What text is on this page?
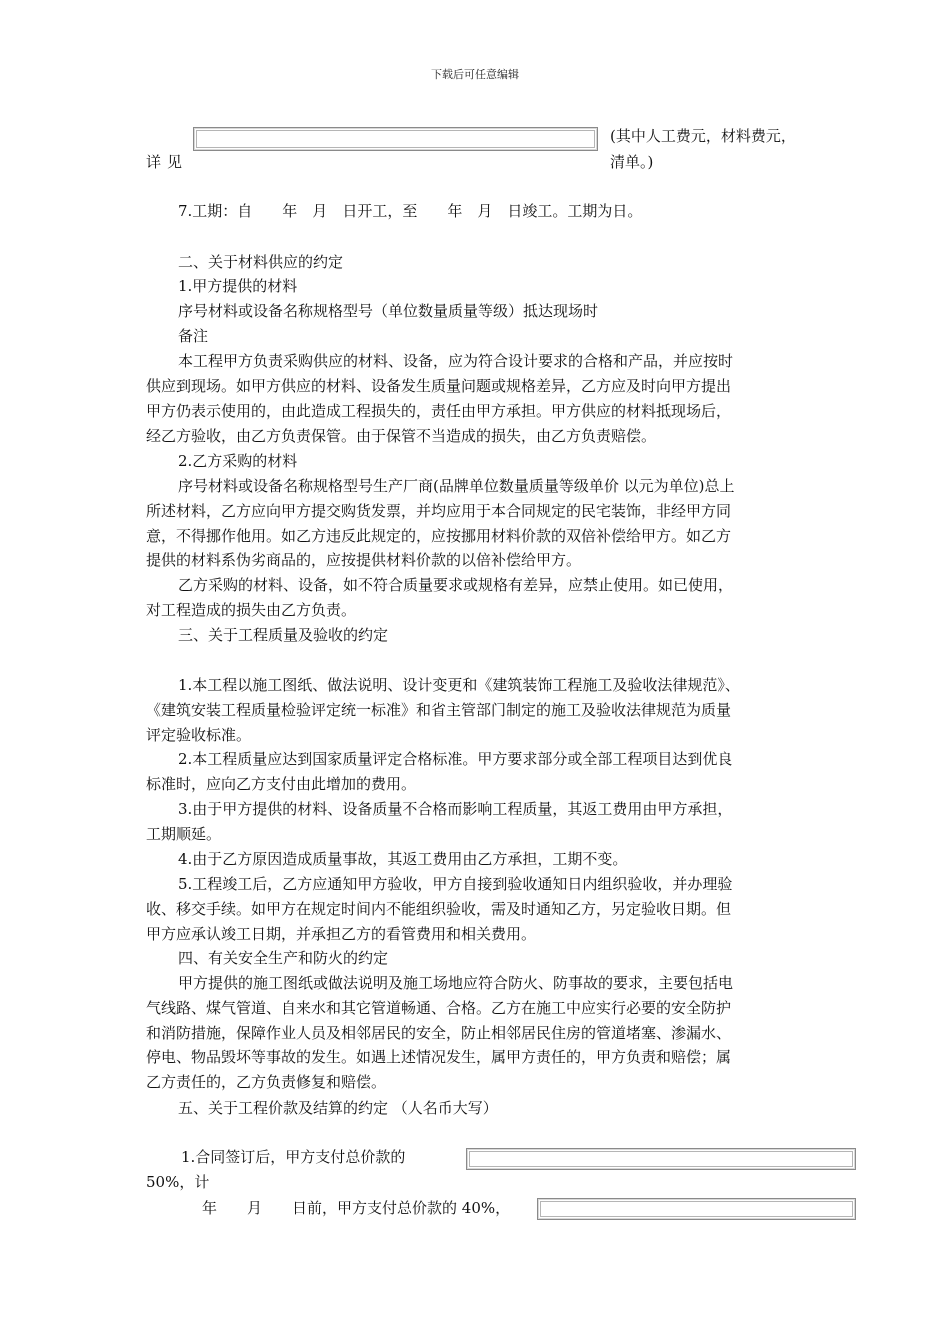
下载后可任意编辑
(其中人工费元，材料费元，
详见	清单。)
7.工期：自　　年　月　日开工，至　　年　月　日竣工。工期为日。
二、关于材料供应的约定
1.甲方提供的材料
序号材料或设备名称规格型号（单位数量质量等级）抵达现场时
备注
本工程甲方负责采购供应的材料、设备，应为符合设计要求的合格和产品，并应按时
供应到现场。如甲方供应的材料、设备发生质量问题或规格差异，乙方应及时向甲方提出
甲方仍表示使用的，由此造成工程损失的，责任由甲方承担。甲方供应的材料抵现场后，
经乙方验收，由乙方负责保管。由于保管不当造成的损失，由乙方负责赔偿。
2.乙方采购的材料
序号材料或设备名称规格型号生产厂商(品牌单位数量质量等级单价 以元为单位)总上
所述材料，乙方应向甲方提交购货发票，并均应用于本合同规定的民宅装饰，非经甲方同
意，不得挪作他用。如乙方违反此规定的，应按挪用材料价款的双倍补偿给甲方。如乙方
提供的材料系伪劣商品的，应按提供材料价款的以倍补偿给甲方。
乙方采购的材料、设备，如不符合质量要求或规格有差异，应禁止使用。如已使用，
对工程造成的损失由乙方负责。
三、关于工程质量及验收的约定
1.本工程以施工图纸、做法说明、设计变更和《建筑装饰工程施工及验收法律规范》、
《建筑安装工程质量检验评定统一标准》和省主管部门制定的施工及验收法律规范为质量
评定验收标准。
2.本工程质量应达到国家质量评定合格标准。甲方要求部分或全部工程项目达到优良
标准时，应向乙方支付由此增加的费用。
3.由于甲方提供的材料、设备质量不合格而影响工程质量，其返工费用由甲方承担，
工期顺延。
4.由于乙方原因造成质量事故，其返工费用由乙方承担，工期不变。
5.工程竣工后，乙方应通知甲方验收，甲方自接到验收通知日内组织验收，并办理验
收、移交手续。如甲方在规定时间内不能组织验收，需及时通知乙方，另定验收日期。但
甲方应承认竣工日期，并承担乙方的看管费用和相关费用。
四、有关安全生产和防火的约定
甲方提供的施工图纸或做法说明及施工场地应符合防火、防事故的要求，主要包括电
气线路、煤气管道、自来水和其它管道畅通、合格。乙方在施工中应实行必要的安全防护
和消防措施，保障作业人员及相邻居民的安全，防止相邻居民住房的管道堵塞、渗漏水、
停电、物品毁坏等事故的发生。如遇上述情况发生，属甲方责任的，甲方负责和赔偿；属
乙方责任的，乙方负责修复和赔偿。
五、关于工程价款及结算的约定 （人名币大写）
1.合同签订后，甲方支付总价款的
50%，计
年　　月　　日前，甲方支付总价款的 40%，
